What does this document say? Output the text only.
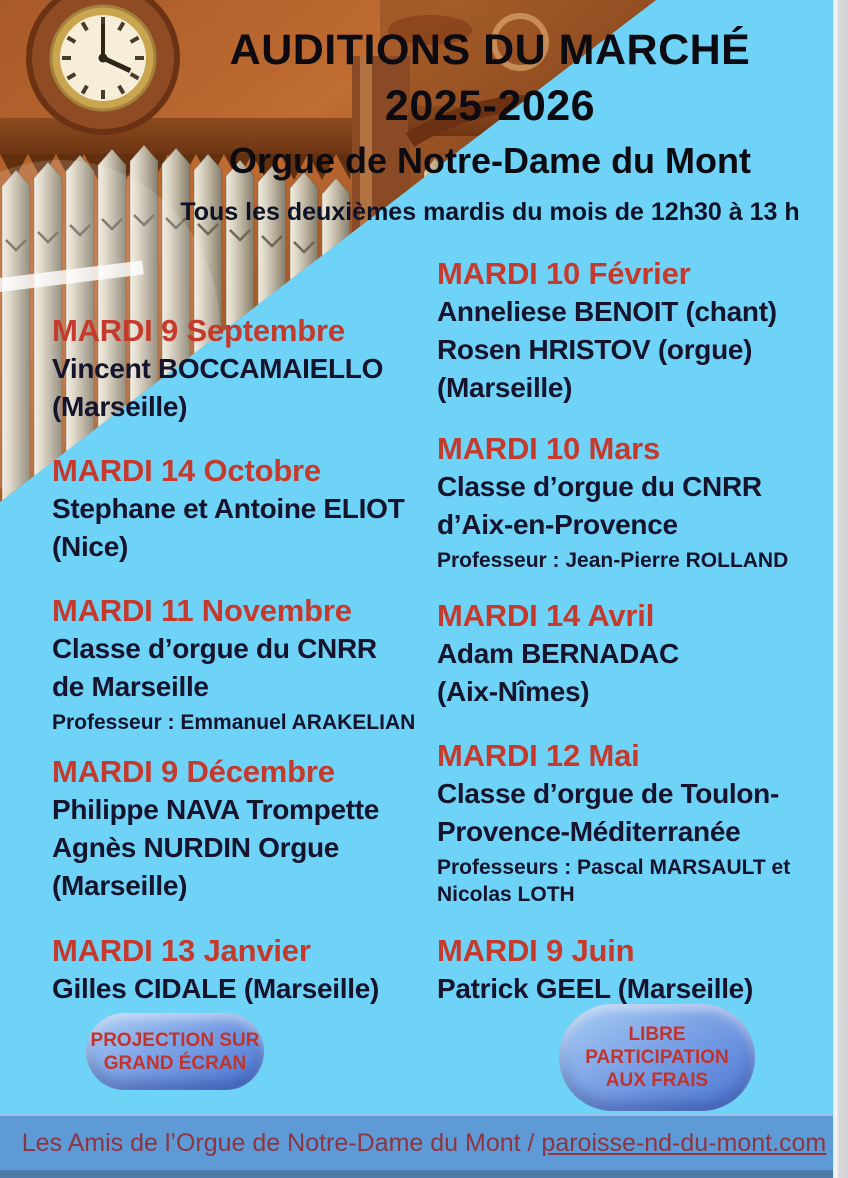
AUDITIONS DU MARCHÉ
2025-2026
Orgue de Notre-Dame du Mont
Tous les deuxièmes mardis du mois de 12h30 à 13 h
MARDI 9 Septembre
Vincent BOCCAMAIELLO
(Marseille)
MARDI 14 Octobre
Stephane et Antoine ELIOT
(Nice)
MARDI 11 Novembre
Classe d’orgue du CNRR
de Marseille
Professeur : Emmanuel ARAKELIAN
MARDI 9 Décembre
Philippe NAVA Trompette
Agnès NURDIN Orgue
(Marseille)
MARDI 13 Janvier
Gilles CIDALE (Marseille)
MARDI 10 Février
Anneliese BENOIT (chant)
Rosen HRISTOV (orgue)
(Marseille)
MARDI 10 Mars
Classe d’orgue du CNRR
d’Aix-en-Provence
Professeur : Jean-Pierre ROLLAND
MARDI 14 Avril
Adam BERNADAC
(Aix-Nîmes)
MARDI 12 Mai
Classe d’orgue de Toulon-
Provence-Méditerranée
Professeurs : Pascal MARSAULT et Nicolas LOTH
MARDI 9 Juin
Patrick GEEL (Marseille)
PROJECTION SUR
GRAND ÉCRAN
LIBRE
PARTICIPATION
AUX FRAIS
Les Amis de l’Orgue de Notre-Dame du Mont / paroisse-nd-du-mont.com
